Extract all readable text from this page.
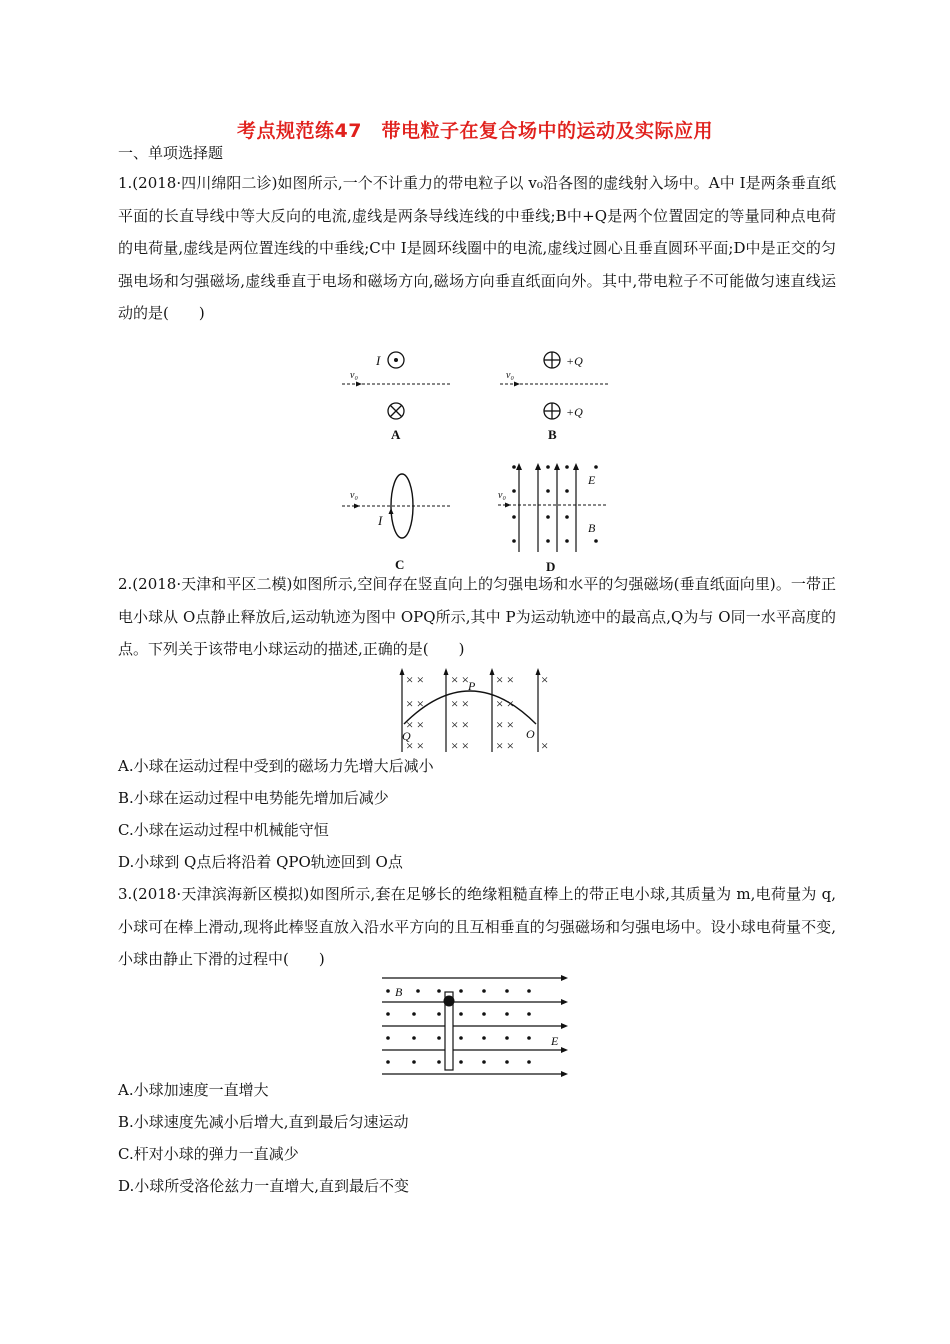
考点规范练47　带电粒子在复合场中的运动及实际应用
一、单项选择题
1.(2018·四川绵阳二诊)如图所示,一个不计重力的带电粒子以 v₀沿各图的虚线射入场中。A中 I是两条垂直纸平面的长直导线中等大反向的电流,虚线是两条导线连线的中垂线;B中+Q是两个位置固定的等量同种点电荷的电荷量,虚线是两位置连线的中垂线;C中 I是圆环线圈中的电流,虚线过圆心且垂直圆环平面;D中是正交的匀强电场和匀强磁场,虚线垂直于电场和磁场方向,磁场方向垂直纸面向外。其中,带电粒子不可能做匀速直线运动的是(　　)
I
v₀
A
+Q
v₀
+Q
B
v₀
I
C
E
B
v₀
D
2.(2018·天津和平区二模)如图所示,空间存在竖直向上的匀强电场和水平的匀强磁场(垂直纸面向里)。一带正电小球从 O点静止释放后,运动轨迹为图中 OPQ所示,其中 P为运动轨迹中的最高点,Q为与 O同一水平高度的点。下列关于该带电小球运动的描述,正确的是(　　)
× × × × × × ×
× × × × × ×
× × × × × ×
× × × × × × ×
P
Q	O
A.小球在运动过程中受到的磁场力先增大后减小
B.小球在运动过程中电势能先增加后减少
C.小球在运动过程中机械能守恒
D.小球到 Q点后将沿着 QPO轨迹回到 O点
3.(2018·天津滨海新区模拟)如图所示,套在足够长的绝缘粗糙直棒上的带正电小球,其质量为 m,电荷量为 q,小球可在棒上滑动,现将此棒竖直放入沿水平方向的且互相垂直的匀强磁场和匀强电场中。设小球电荷量不变,小球由静止下滑的过程中(　　)
B
E
A.小球加速度一直增大
B.小球速度先减小后增大,直到最后匀速运动
C.杆对小球的弹力一直减少
D.小球所受洛伦兹力一直增大,直到最后不变
